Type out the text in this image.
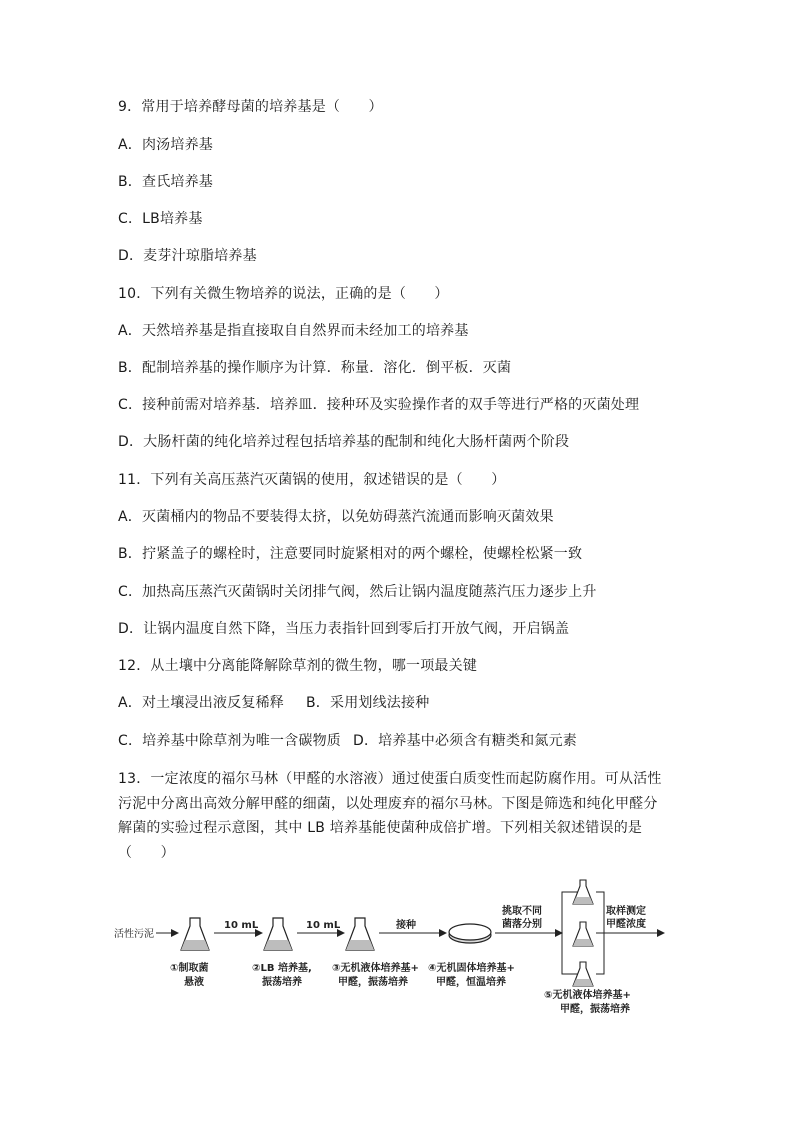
9．常用于培养酵母菌的培养基是（　　）
A．肉汤培养基
B．查氏培养基
C．LB培养基
D．麦芽汁琼脂培养基
10．下列有关微生物培养的说法，正确的是（　　）
A．天然培养基是指直接取自自然界而未经加工的培养基
B．配制培养基的操作顺序为计算．称量．溶化．倒平板．灭菌
C．接种前需对培养基．培养皿．接种环及实验操作者的双手等进行严格的灭菌处理
D．大肠杆菌的纯化培养过程包括培养基的配制和纯化大肠杆菌两个阶段
11．下列有关高压蒸汽灭菌锅的使用，叙述错误的是（　　）
A．灭菌桶内的物品不要装得太挤，以免妨碍蒸汽流通而影响灭菌效果
B．拧紧盖子的螺栓时，注意要同时旋紧相对的两个螺栓，使螺栓松紧一致
C．加热高压蒸汽灭菌锅时关闭排气阀，然后让锅内温度随蒸汽压力逐步上升
D．让锅内温度自然下降，当压力表指针回到零后打开放气阀，开启锅盖
12．从土壤中分离能降解除草剂的微生物，哪一项最关键
A．对土壤浸出液反复稀释 B．采用划线法接种
C．培养基中除草剂为唯一含碳物质 D．培养基中必须含有糖类和氮元素
13．一定浓度的福尔马林（甲醛的水溶液）通过使蛋白质变性而起防腐作用。可从活性
污泥中分离出高效分解甲醛的细菌，以处理废弃的福尔马林。下图是筛选和纯化甲醛分
解菌的实验过程示意图，其中 LB 培养基能使菌种成倍扩增。下列相关叙述错误的是
（　　）
活性污泥
10 mL	10 mL	接种
挑取不同
菌落分别
取样测定
甲醛浓度
①制取菌
悬液
②LB 培养基,
振荡培养
③无机液体培养基+
甲醛，振荡培养
④无机固体培养基+
甲醛，恒温培养
⑤无机液体培养基+
甲醛，振荡培养
